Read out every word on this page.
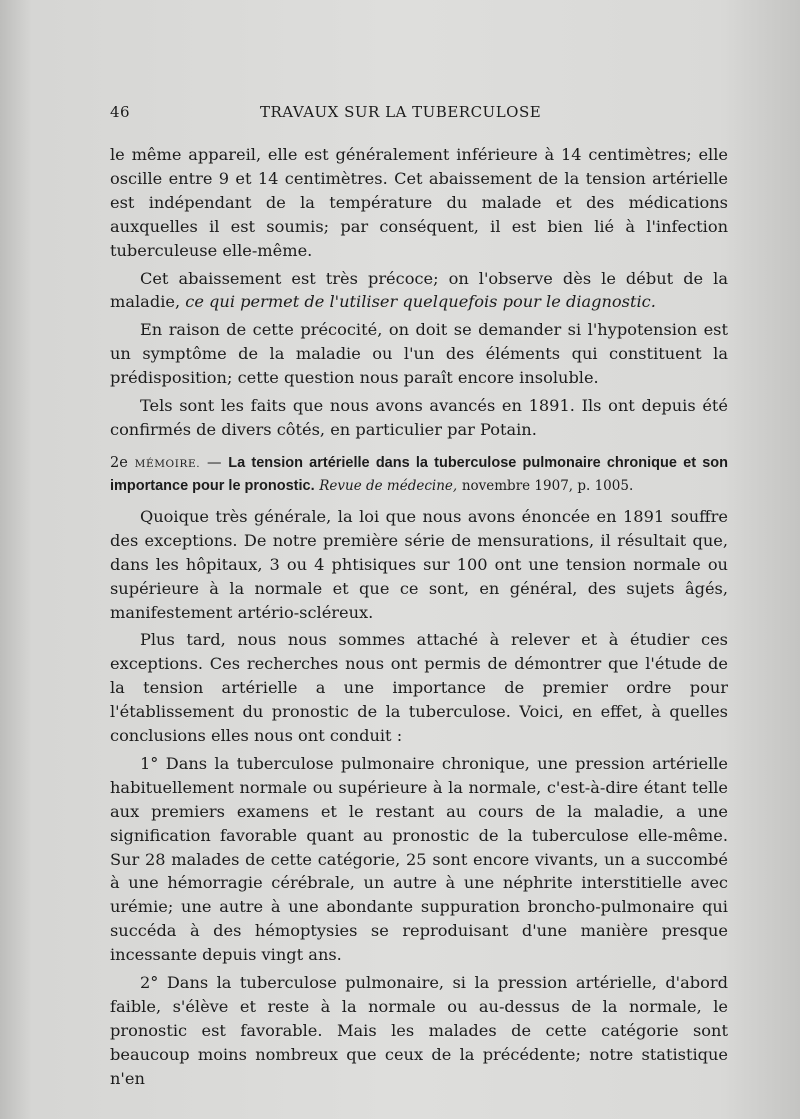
46	TRAVAUX SUR LA TUBERCULOSE

le même appareil, elle est généralement inférieure à 14 centimètres; elle oscille entre 9 et 14 centimètres. Cet abaissement de la tension artérielle est indépendant de la température du malade et des médications auxquelles il est soumis; par conséquent, il est bien lié à l'infection tuberculeuse elle-même.

Cet abaissement est très précoce; on l'observe dès le début de la maladie, ce qui permet de l'utiliser quelquefois pour le diagnostic.

En raison de cette précocité, on doit se demander si l'hypotension est un symptôme de la maladie ou l'un des éléments qui constituent la prédisposition; cette question nous paraît encore insoluble.

Tels sont les faits que nous avons avancés en 1891. Ils ont depuis été confirmés de divers côtés, en particulier par Potain.

2e MÉMOIRE. — La tension artérielle dans la tuberculose pulmonaire chronique et son importance pour le pronostic. Revue de médecine, novembre 1907, p. 1005.

Quoique très générale, la loi que nous avons énoncée en 1891 souffre des exceptions. De notre première série de mensurations, il résultait que, dans les hôpitaux, 3 ou 4 phtisiques sur 100 ont une tension normale ou supérieure à la normale et que ce sont, en général, des sujets âgés, manifestement artério-scléreux.

Plus tard, nous nous sommes attaché à relever et à étudier ces exceptions. Ces recherches nous ont permis de démontrer que l'étude de la tension artérielle a une importance de premier ordre pour l'établissement du pronostic de la tuberculose. Voici, en effet, à quelles conclusions elles nous ont conduit :

1° Dans la tuberculose pulmonaire chronique, une pression artérielle habituellement normale ou supérieure à la normale, c'est-à-dire étant telle aux premiers examens et le restant au cours de la maladie, a une signification favorable quant au pronostic de la tuberculose elle-même. Sur 28 malades de cette catégorie, 25 sont encore vivants, un a succombé à une hémorragie cérébrale, un autre à une néphrite interstitielle avec urémie; une autre à une abondante suppuration broncho-pulmonaire qui succéda à des hémoptysies se reproduisant d'une manière presque incessante depuis vingt ans.

2° Dans la tuberculose pulmonaire, si la pression artérielle, d'abord faible, s'élève et reste à la normale ou au-dessus de la normale, le pronostic est favorable. Mais les malades de cette catégorie sont beaucoup moins nombreux que ceux de la précédente; notre statistique n'en
